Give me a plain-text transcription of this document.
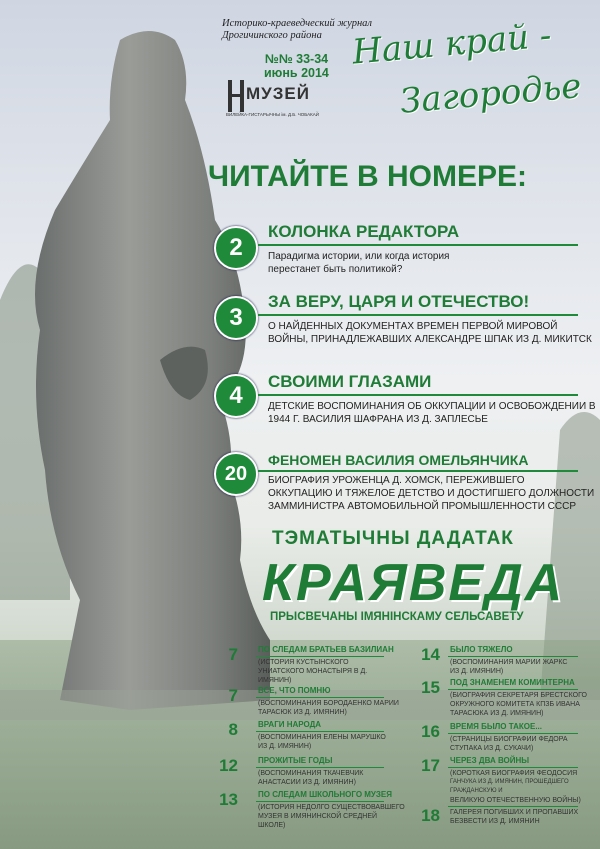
Историко-краеведческий журнал
Дрогичинского района
№№ 33-34
июнь 2014
МУЗЕЙ
ВИЛЕЙКА-ГИСТАРЫЧНЫ ім. Д.Б. ЧОБАКАЙ
Наш край -
Загородье
ЧИТАЙТЕ В НОМЕРЕ:
2
КОЛОНКА РЕДАКТОРА
Парадигма истории, или когда история
перестанет быть политикой?
3
ЗА ВЕРУ, ЦАРЯ И ОТЕЧЕСТВО!
О НАЙДЕННЫХ ДОКУМЕНТАХ ВРЕМЕН ПЕРВОЙ МИРОВОЙ
ВОЙНЫ, ПРИНАДЛЕЖАВШИХ АЛЕКСАНДРЕ ШПАК ИЗ Д. МИКИТСК
4
СВОИМИ ГЛАЗАМИ
ДЕТСКИЕ ВОСПОМИНАНИЯ ОБ ОККУПАЦИИ И ОСВОБОЖДЕНИИ В
1944 Г. ВАСИЛИЯ ШАФРАНА ИЗ Д. ЗАПЛЕСЬЕ
20
ФЕНОМЕН ВАСИЛИЯ ОМЕЛЬЯНЧИКА
БИОГРАФИЯ УРОЖЕНЦА Д. ХОМСК, ПЕРЕЖИВШЕГО
ОККУПАЦИЮ И ТЯЖЕЛОЕ ДЕТСТВО И ДОСТИГШЕГО ДОЛЖНОСТИ
ЗАММИНИСТРА АВТОМОБИЛЬНОЙ ПРОМЫШЛЕННОСТИ СССР
ТЭМАТЫЧНЫ ДАДАТАК
КРАЯВЕДА
ПРЫСВЕЧАНЫ ІМЯНІНСКАМУ СЕЛЬСАВЕТУ
7	ПО СЛЕДАМ БРАТЬЕВ БАЗИЛИАН
(ИСТОРИЯ КУСТЫНСКОГО
УНИАТСКОГО МОНАСТЫРЯ В Д.
ИМЯНИН)
7	ВСЕ, ЧТО ПОМНЮ
(ВОСПОМИНАНИЯ БОРОДАЕНКО МАРИИ
ТАРАСЮК ИЗ Д. ИМЯНИН)
8	ВРАГИ НАРОДА
(ВОСПОМИНАНИЯ ЕЛЕНЫ МАРУШКО
ИЗ Д. ИМЯНИН)
12	ПРОЖИТЫЕ ГОДЫ
(ВОСПОМИНАНИЯ ТКАЧЕВЧИК
АНАСТАСИИ ИЗ Д. ИМЯНИН)
13	ПО СЛЕДАМ ШКОЛЬНОГО МУЗЕЯ
(ИСТОРИЯ НЕДОЛГО СУЩЕСТВОВАВШЕГО
МУЗЕЯ В ИМЯНИНСКОЙ СРЕДНЕЙ
ШКОЛЕ)
14 БЫЛО ТЯЖЕЛО
(ВОСПОМИНАНИЯ МАРИИ ЖАРКС
ИЗ Д. ИМЯНИН)
15 ПОД ЗНАМЕНЕМ КОМИНТЕРНА
(БИОГРАФИЯ СЕКРЕТАРЯ БРЕСТСКОГО
ОКРУЖНОГО КОМИТЕТА КПЗБ ИВАНА
ТАРАСЮКА ИЗ Д. ИМЯНИН)
16 ВРЕМЯ БЫЛО ТАКОЕ...
(СТРАНИЦЫ БИОГРАФИИ ФЕДОРА
СТУПАКА ИЗ Д. СУКАЧИ)
17 ЧЕРЕЗ ДВА ВОЙНЫ
(КОРОТКАЯ БИОГРАФИЯ ФЕОДОСИЯ
ГАНЧУКА ИЗ Д. ИМЯНИН, ПРОШЕДШЕГО ГРАЖДАНСКУЮ И
ВЕЛИКУЮ ОТЕЧЕСТВЕННУЮ ВОЙНЫ)
18 ГАЛЕРЕЯ ПОГИБШИХ И ПРОПАВШИХ
БЕЗВЕСТИ ИЗ Д. ИМЯНИН
